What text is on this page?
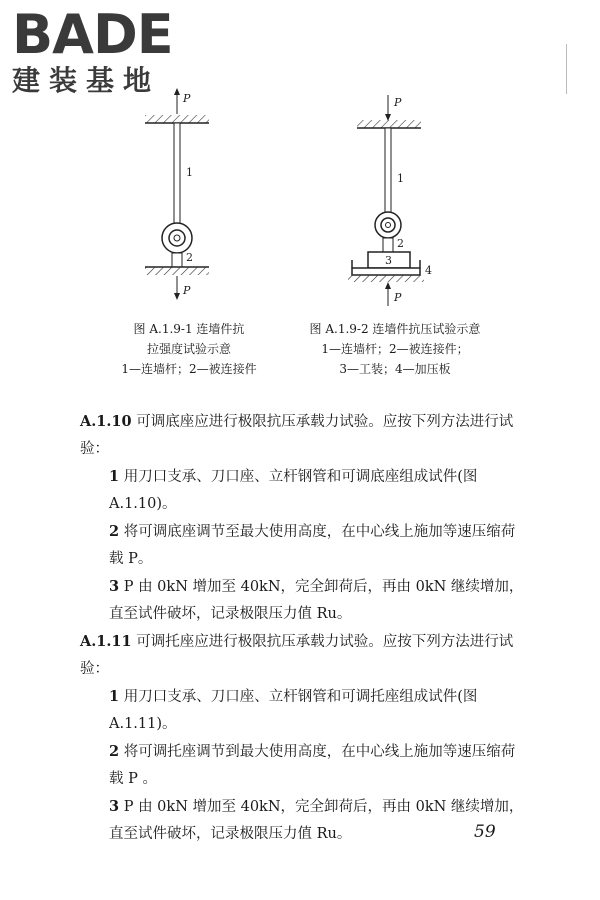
BADE
建装基地
P
1
2
P
P
1
2
3
4
P
图 A.1.9-1 连墙件抗
拉强度试验示意
1—连墙杆；2—被连接件
图 A.1.9-2 连墙件抗压试验示意
1—连墙杆；2—被连接件；
3—工装；4—加压板

A.1.10 可调底座应进行极限抗压承载力试验。应按下列方法进行试验：

1 用刀口支承、刀口座、立杆钢管和可调底座组成试件(图 A.1.10)。

2 将可调底座调节至最大使用高度，在中心线上施加等速压缩荷载 P。

3 P 由 0kN 增加至 40kN，完全卸荷后，再由 0kN 继续增加，直至试件破坏，记录极限压力值 Ru。

A.1.11 可调托座应进行极限抗压承载力试验。应按下列方法进行试验：

1 用刀口支承、刀口座、立杆钢管和可调托座组成试件(图 A.1.11)。

2 将可调托座调节到最大使用高度，在中心线上施加等速压缩荷载 P 。

3 P 由 0kN 增加至 40kN，完全卸荷后，再由 0kN 继续增加，直至试件破坏，记录极限压力值 Ru。	59
